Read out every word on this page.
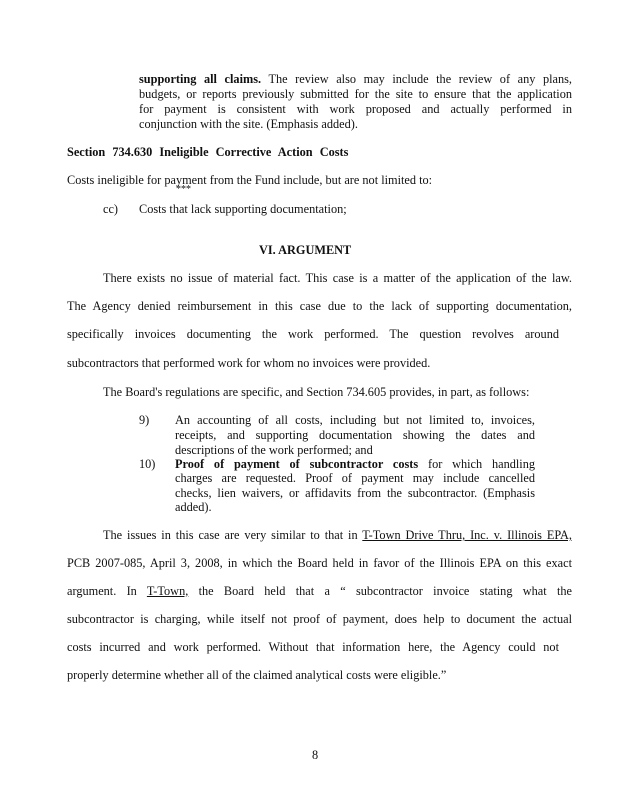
supporting all claims. The review also may include the review of any plans,
budgets, or reports previously submitted for the site to ensure that the application
for payment is consistent with work proposed and actually performed in
conjunction with the site. (Emphasis added).
Section 734.630 Ineligible Corrective Action Costs
Costs ineligible for payment from the Fund include, but are not limited to:
***
cc) Costs that lack supporting documentation;
VI. ARGUMENT
There exists no issue of material fact. This case is a matter of the application of the law.
The Agency denied reimbursement in this case due to the lack of supporting documentation,
specifically invoices documenting the work performed. The question revolves around
subcontractors that performed work for whom no invoices were provided.
The Board's regulations are specific, and Section 734.605 provides, in part, as follows:
9) An accounting of all costs, including but not limited to, invoices,
receipts, and supporting documentation showing the dates and
descriptions of the work performed; and
10) Proof of payment of subcontractor costs for which handling
charges are requested. Proof of payment may include cancelled
checks, lien waivers, or affidavits from the subcontractor. (Emphasis
added).
The issues in this case are very similar to that in T-Town Drive Thru, Inc. v. Illinois EPA,
PCB 2007-085, April 3, 2008, in which the Board held in favor of the Illinois EPA on this exact
argument. In T-Town, the Board held that a “ subcontractor invoice stating what the
subcontractor is charging, while itself not proof of payment, does help to document the actual
costs incurred and work performed. Without that information here, the Agency could not
properly determine whether all of the claimed analytical costs were eligible.”
8
